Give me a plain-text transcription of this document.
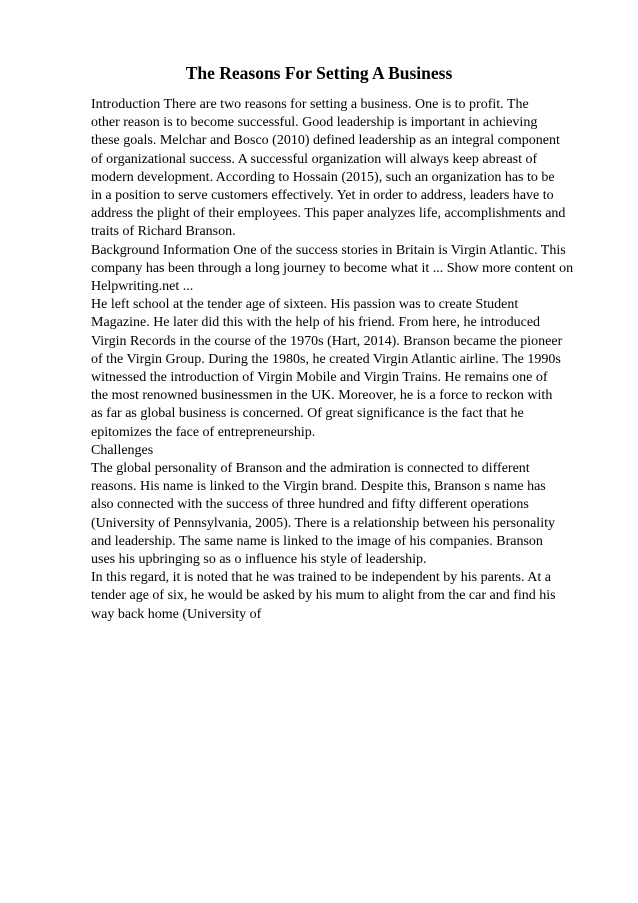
The Reasons For Setting A Business
Introduction There are two reasons for setting a business. One is to profit. The
other reason is to become successful. Good leadership is important in achieving
these goals. Melchar and Bosco (2010) defined leadership as an integral component
of organizational success. A successful organization will always keep abreast of
modern development. According to Hossain (2015), such an organization has to be
in a position to serve customers effectively. Yet in order to address, leaders have to
address the plight of their employees. This paper analyzes life, accomplishments and
traits of Richard Branson.
Background Information One of the success stories in Britain is Virgin Atlantic. This
company has been through a long journey to become what it ... Show more content on
Helpwriting.net ...
He left school at the tender age of sixteen. His passion was to create Student
Magazine. He later did this with the help of his friend. From here, he introduced
Virgin Records in the course of the 1970s (Hart, 2014). Branson became the pioneer
of the Virgin Group. During the 1980s, he created Virgin Atlantic airline. The 1990s
witnessed the introduction of Virgin Mobile and Virgin Trains. He remains one of
the most renowned businessmen in the UK. Moreover, he is a force to reckon with
as far as global business is concerned. Of great significance is the fact that he
epitomizes the face of entrepreneurship.
Challenges
The global personality of Branson and the admiration is connected to different
reasons. His name is linked to the Virgin brand. Despite this, Branson s name has
also connected with the success of three hundred and fifty different operations
(University of Pennsylvania, 2005). There is a relationship between his personality
and leadership. The same name is linked to the image of his companies. Branson
uses his upbringing so as o influence his style of leadership.
In this regard, it is noted that he was trained to be independent by his parents. At a
tender age of six, he would be asked by his mum to alight from the car and find his
way back home (University of
